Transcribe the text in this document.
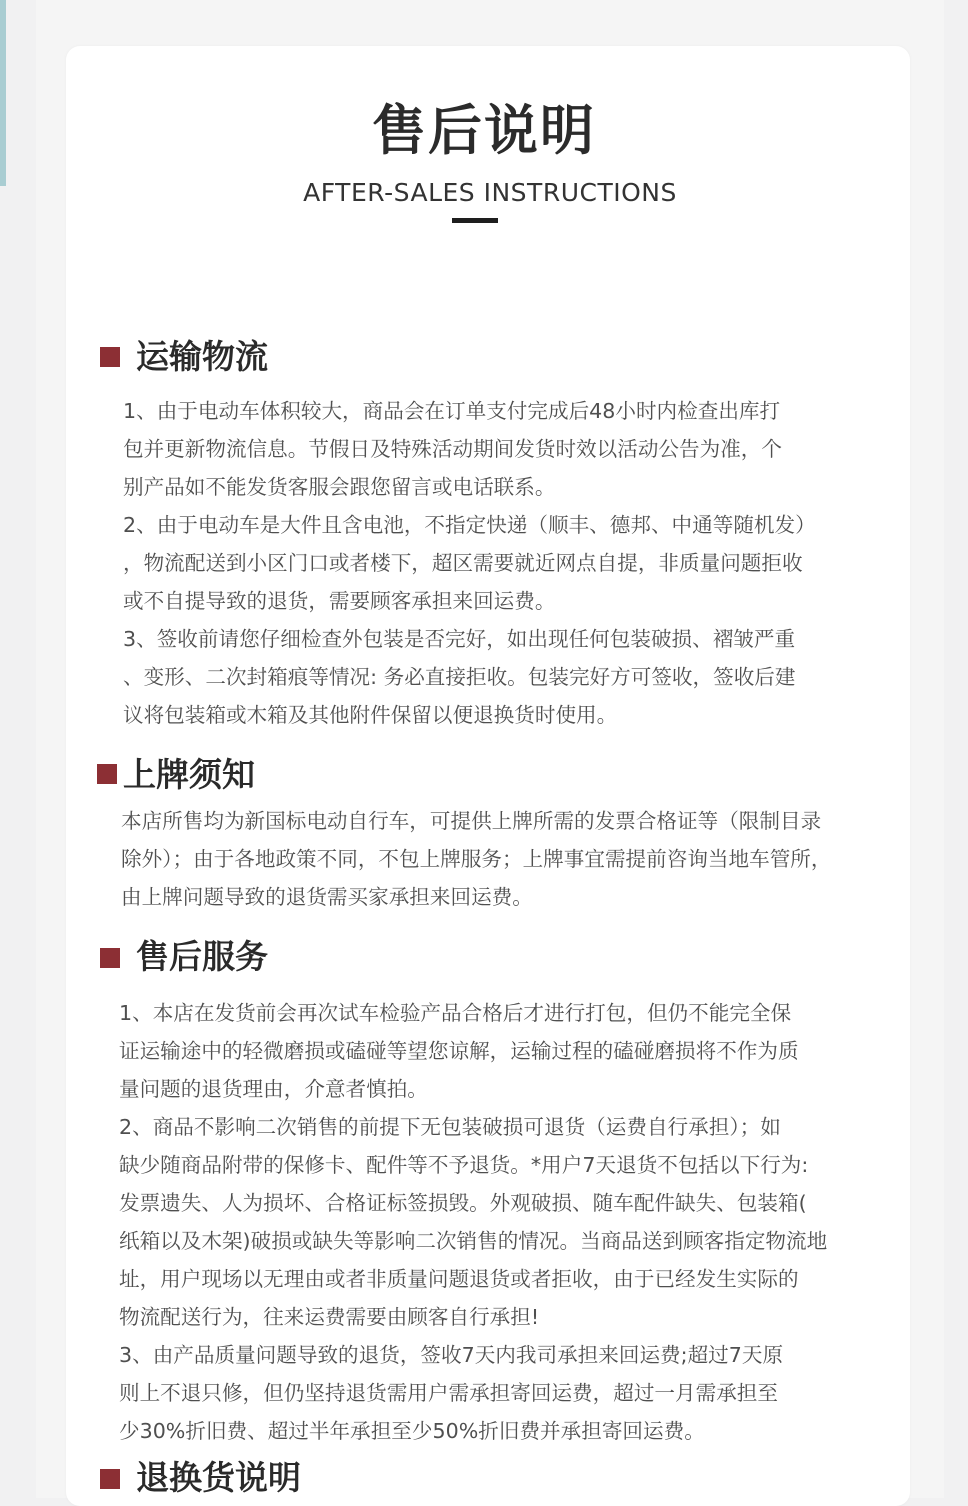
售后说明
AFTER-SALES INSTRUCTIONS
运输物流
1、由于电动车体积较大，商品会在订单支付完成后48小时内检查出库打
包并更新物流信息。节假日及特殊活动期间发货时效以活动公告为准，个
别产品如不能发货客服会跟您留言或电话联系。
2、由于电动车是大件且含电池，不指定快递（顺丰、德邦、中通等随机发）
，物流配送到小区门口或者楼下，超区需要就近网点自提，非质量问题拒收
或不自提导致的退货，需要顾客承担来回运费。
3、签收前请您仔细检查外包装是否完好，如出现任何包装破损、褶皱严重
、变形、二次封箱痕等情况: 务必直接拒收。包装完好方可签收，签收后建
议将包装箱或木箱及其他附件保留以便退换货时使用。
上牌须知
本店所售均为新国标电动自行车，可提供上牌所需的发票合格证等（限制目录
除外）；由于各地政策不同，不包上牌服务；上牌事宜需提前咨询当地车管所，
由上牌问题导致的退货需买家承担来回运费。
售后服务
1、本店在发货前会再次试车检验产品合格后才进行打包，但仍不能完全保
证运输途中的轻微磨损或磕碰等望您谅解，运输过程的磕碰磨损将不作为质
量问题的退货理由，介意者慎拍。
2、商品不影响二次销售的前提下无包装破损可退货（运费自行承担）；如
缺少随商品附带的保修卡、配件等不予退货。*用户7天退货不包括以下行为:
发票遗失、人为损坏、合格证标签损毁。外观破损、随车配件缺失、包装箱(
纸箱以及木架)破损或缺失等影响二次销售的情况。当商品送到顾客指定物流地
址，用户现场以无理由或者非质量问题退货或者拒收，由于已经发生实际的
物流配送行为，往来运费需要由顾客自行承担!
3、由产品质量问题导致的退货，签收7天内我司承担来回运费;超过7天原
则上不退只修，但仍坚持退货需用户需承担寄回运费，超过一月需承担至
少30%折旧费、超过半年承担至少50%折旧费并承担寄回运费。
退换货说明
